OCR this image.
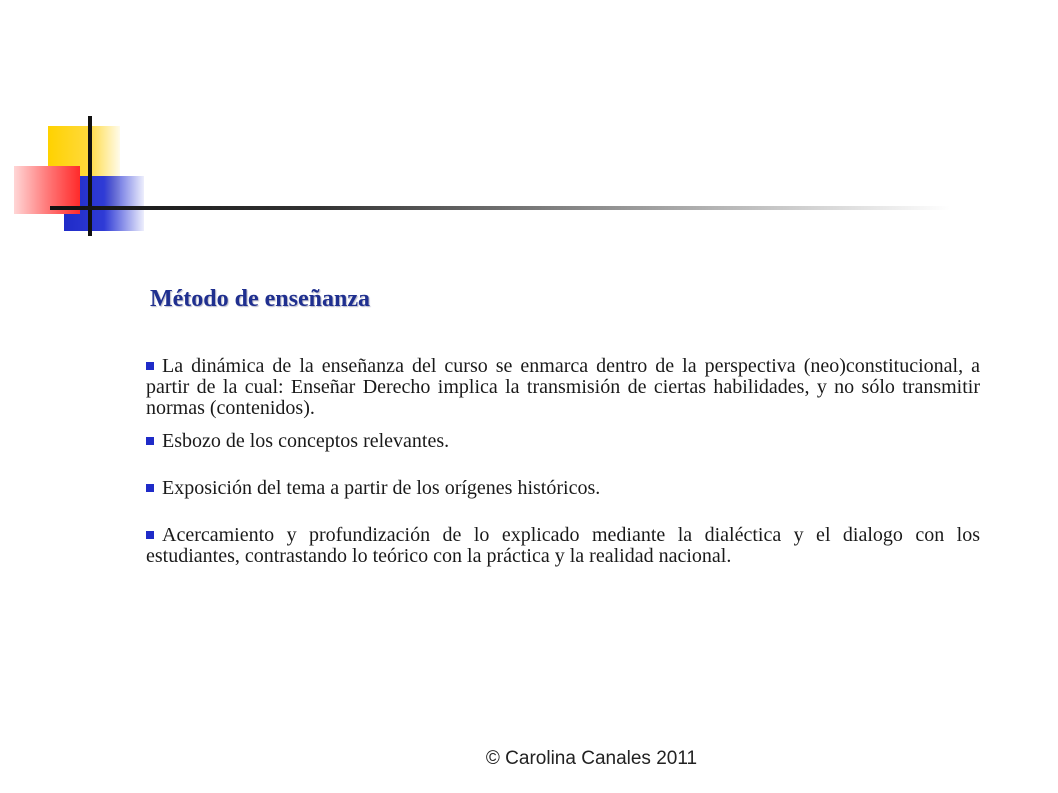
Método de enseñanza
La dinámica de la enseñanza del curso se enmarca dentro de la perspectiva (neo)constitucional, a partir de la cual: Enseñar Derecho implica la transmisión de ciertas habilidades, y no sólo transmitir normas (contenidos).
Esbozo de los conceptos relevantes.
Exposición del tema a partir de los orígenes históricos.
Acercamiento y profundización de lo explicado mediante la dialéctica y el dialogo con los estudiantes, contrastando lo teórico con la práctica y la realidad nacional.
© Carolina Canales 2011
